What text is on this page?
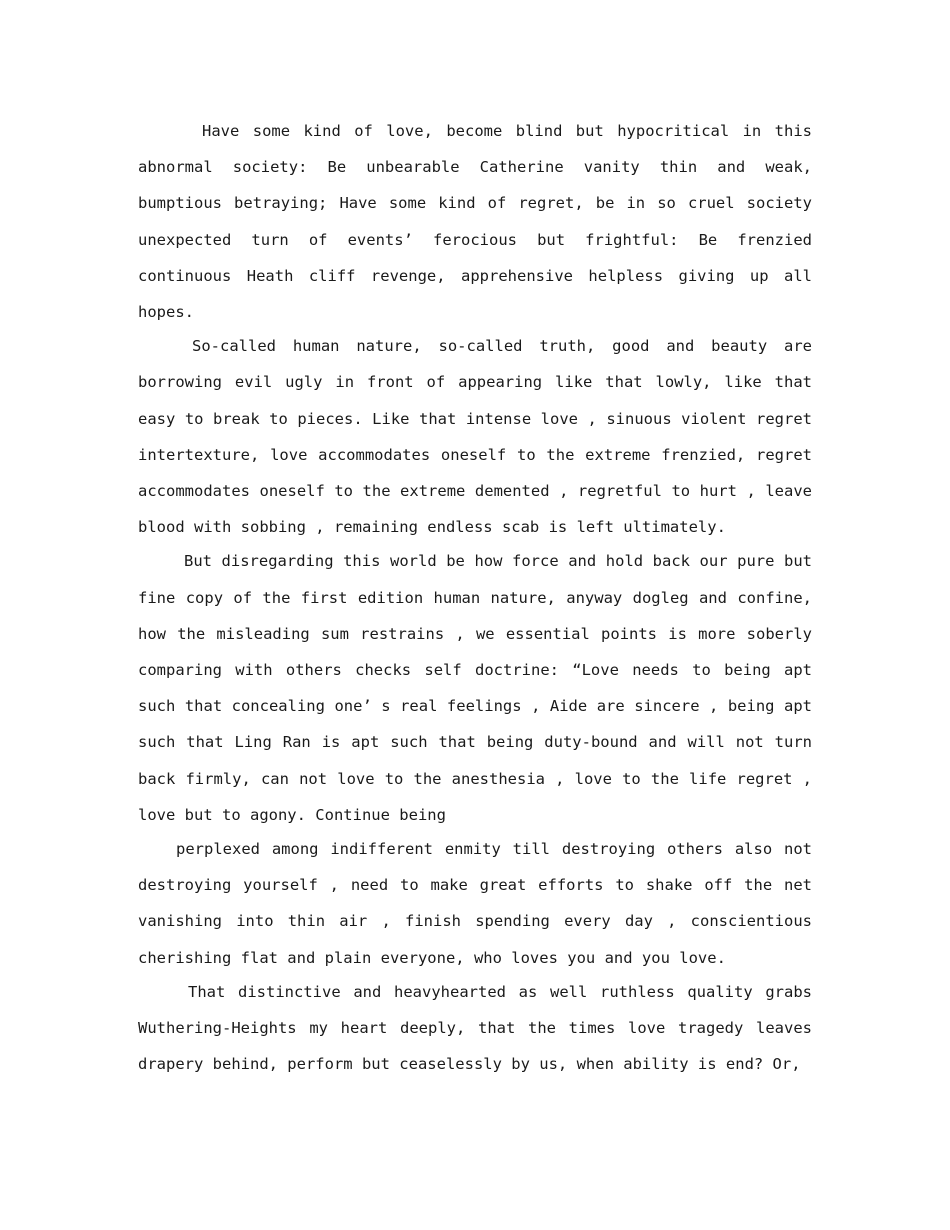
Have some kind of love, become blind but hypocritical in this abnormal society: Be unbearable Catherine vanity thin and weak, bumptious betraying; Have some kind of regret, be in so cruel society unexpected turn of events’ ferocious but frightful: Be frenzied continuous Heath cliff revenge, apprehensive helpless giving up all hopes.

So-called human nature, so-called truth, good and beauty are borrowing evil ugly in front of appearing like that lowly, like that easy to break to pieces. Like that intense love , sinuous violent regret intertexture, love accommodates oneself to the extreme frenzied, regret accommodates oneself to the extreme demented , regretful to hurt , leave blood with sobbing , remaining endless scab is left ultimately.

But disregarding this world be how force and hold back our pure but fine copy of the first edition human nature, anyway dogleg and confine, how the misleading sum restrains , we essential points is more soberly comparing with others checks self doctrine: “Love needs to being apt such that concealing one’ s real feelings , Aide are sincere , being apt such that Ling Ran is apt such that being duty-bound and will not turn back firmly, can not love to the anesthesia , love to the life regret , love but to agony. Continue being

perplexed among indifferent enmity till destroying others also not destroying yourself , need to make great efforts to shake off the net vanishing into thin air , finish spending every day , conscientious cherishing flat and plain everyone, who loves you and you love.

That distinctive and heavyhearted as well ruthless quality grabs Wuthering-Heights my heart deeply, that the times love tragedy leaves drapery behind, perform but ceaselessly by us, when ability is end? Or,
